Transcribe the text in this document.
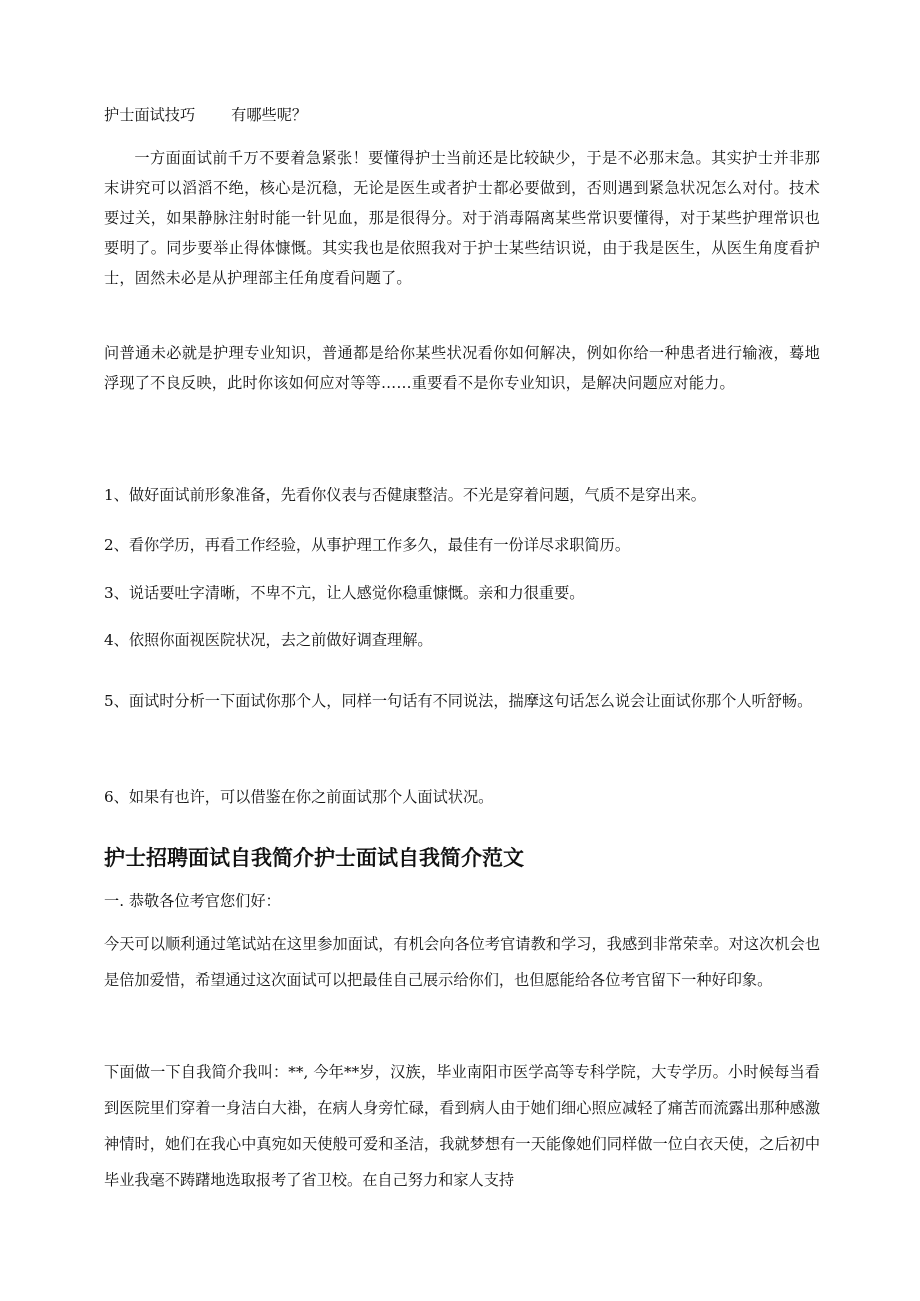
护士面试技巧 有哪些呢？

一方面面试前千万不要着急紧张！要懂得护士当前还是比较缺少，于是不必那末急。其实护士并非那末讲究可以滔滔不绝，核心是沉稳，无论是医生或者护士都必要做到，否则遇到紧急状况怎么对付。技术要过关，如果静脉注射时能一针见血，那是很得分。对于消毒隔离某些常识要懂得，对于某些护理常识也要明了。同步要举止得体慷慨。其实我也是依照我对于护士某些结识说，由于我是医生，从医生角度看护士，固然未必是从护理部主任角度看问题了。

问普通未必就是护理专业知识，普通都是给你某些状况看你如何解决，例如你给一种患者进行输液，蓦地浮现了不良反映，此时你该如何应对等等……重要看不是你专业知识，是解决问题应对能力。

1、做好面试前形象准备，先看你仪表与否健康整洁。不光是穿着问题，气质不是穿出来。

2、看你学历，再看工作经验，从事护理工作多久，最佳有一份详尽求职简历。

3、说话要吐字清晰，不卑不亢，让人感觉你稳重慷慨。亲和力很重要。

4、依照你面视医院状况，去之前做好调查理解。

5、面试时分析一下面试你那个人，同样一句话有不同说法，揣摩这句话怎么说会让面试你那个人听舒畅。

6、如果有也许，可以借鉴在你之前面试那个人面试状况。

护士招聘面试自我简介护士面试自我简介范文

一. 恭敬各位考官您们好：

今天可以顺利通过笔试站在这里参加面试，有机会向各位考官请教和学习，我感到非常荣幸。对这次机会也是倍加爱惜，希望通过这次面试可以把最佳自己展示给你们，也但愿能给各位考官留下一种好印象。

下面做一下自我简介我叫：**, 今年**岁，汉族，毕业南阳市医学高等专科学院，大专学历。小时候每当看到医院里们穿着一身洁白大褂，在病人身旁忙碌，看到病人由于她们细心照应减轻了痛苦而流露出那种感激神情时，她们在我心中真宛如天使般可爱和圣洁，我就梦想有一天能像她们同样做一位白衣天使，之后初中毕业我毫不踌躇地选取报考了省卫校。在自己努力和家人支持
